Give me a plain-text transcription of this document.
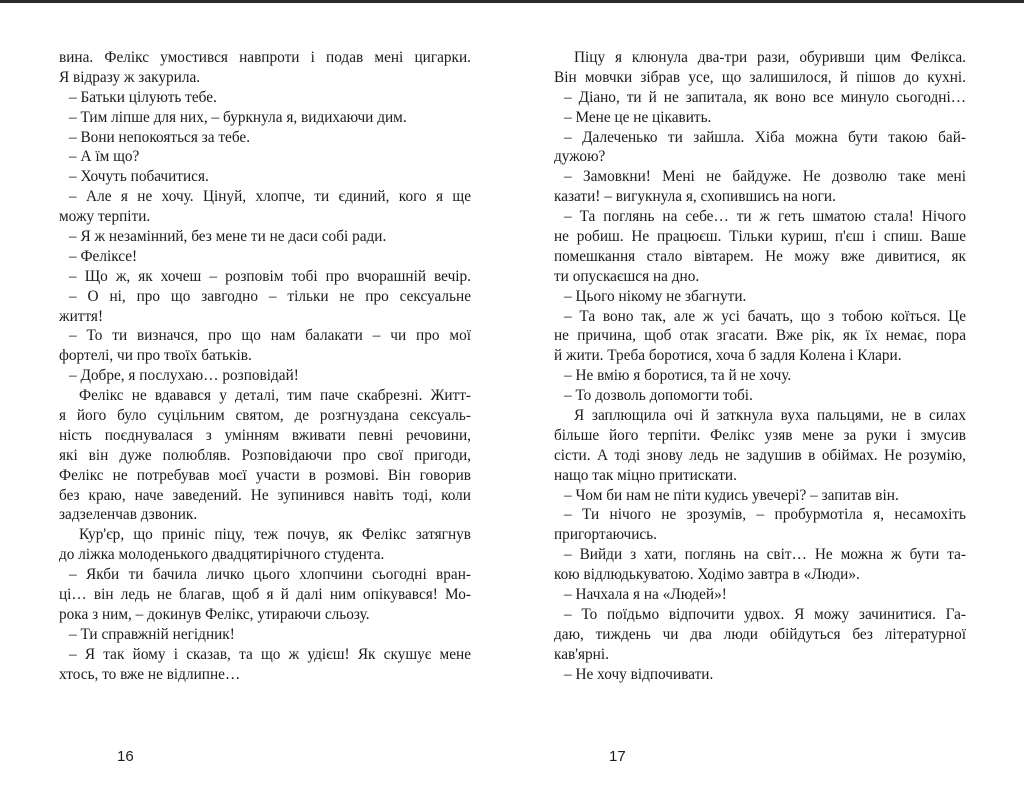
вина. Фелікс умостився навпроти і подав мені цигарки.
Я відразу ж закурила.
– Батьки цілують тебе.
– Тим ліпше для них, – буркнула я, видихаючи дим.
– Вони непокояться за тебе.
– А їм що?
– Хочуть побачитися.
– Але я не хочу. Цінуй, хлопче, ти єдиний, кого я ще
можу терпіти.
– Я ж незамінний, без мене ти не даси собі ради.
– Феліксе!
– Що ж, як хочеш – розповім тобі про вчорашній вечір.
– О ні, про що завгодно – тільки не про сексуальне
життя!
– То ти визначся, про що нам балакати – чи про мої
фортелі, чи про твоїх батьків.
– Добре, я послухаю… розповідай!
Фелікс не вдавався у деталі, тим паче скабрезні. Житт-
я його було суцільним святом, де розгнуздана сексуаль-
ність поєднувалася з умінням вживати певні речовини,
які він дуже полюбляв. Розповідаючи про свої пригоди,
Фелікс не потребував моєї участи в розмові. Він говорив
без краю, наче заведений. Не зупинився навіть тоді, коли
задзеленчав дзвоник.
Кур'єр, що приніс піцу, теж почув, як Фелікс затягнув
до ліжка молоденького двадцятирічного студента.
– Якби ти бачила личко цього хлопчини сьогодні вран-
ці… він ледь не благав, щоб я й далі ним опікувався! Мо-
рока з ним, – докинув Фелікс, утираючи сльозу.
– Ти справжній негідник!
– Я так йому і сказав, та що ж удієш! Як скушує мене
хтось, то вже не відлипне…
16
Піцу я клюнула два-три рази, обуривши цим Фелікса.
Він мовчки зібрав усе, що залишилося, й пішов до кухні.
– Діано, ти й не запитала, як воно все минуло сьогодні…
– Мене це не цікавить.
– Далеченько ти зайшла. Хіба можна бути такою бай-
дужою?
– Замовкни! Мені не байдуже. Не дозволю таке мені
казати! – вигукнула я, схопившись на ноги.
– Та поглянь на себе… ти ж геть шматою стала! Нічого
не робиш. Не працюєш. Тільки куриш, п'єш і спиш. Ваше
помешкання стало вівтарем. Не можу вже дивитися, як
ти опускаєшся на дно.
– Цього нікому не збагнути.
– Та воно так, але ж усі бачать, що з тобою коїться. Це
не причина, щоб отак згасати. Вже рік, як їх немає, пора
й жити. Треба боротися, хоча б задля Колена і Клари.
– Не вмію я боротися, та й не хочу.
– То дозволь допомогти тобі.
Я заплющила очі й заткнула вуха пальцями, не в силах
більше його терпіти. Фелікс узяв мене за руки і змусив
сісти. А тоді знову ледь не задушив в обіймах. Не розумію,
нащо так міцно притискати.
– Чом би нам не піти кудись увечері? – запитав він.
– Ти нічого не зрозумів, – пробурмотіла я, несамохіть
пригортаючись.
– Вийди з хати, поглянь на світ… Не можна ж бути та-
кою відлюдькуватою. Ходімо завтра в «Люди».
– Начхала я на «Людей»!
– То поїдьмо відпочити удвох. Я можу зачинитися. Га-
даю, тиждень чи два люди обійдуться без літературної
кав'ярні.
– Не хочу відпочивати.
17
